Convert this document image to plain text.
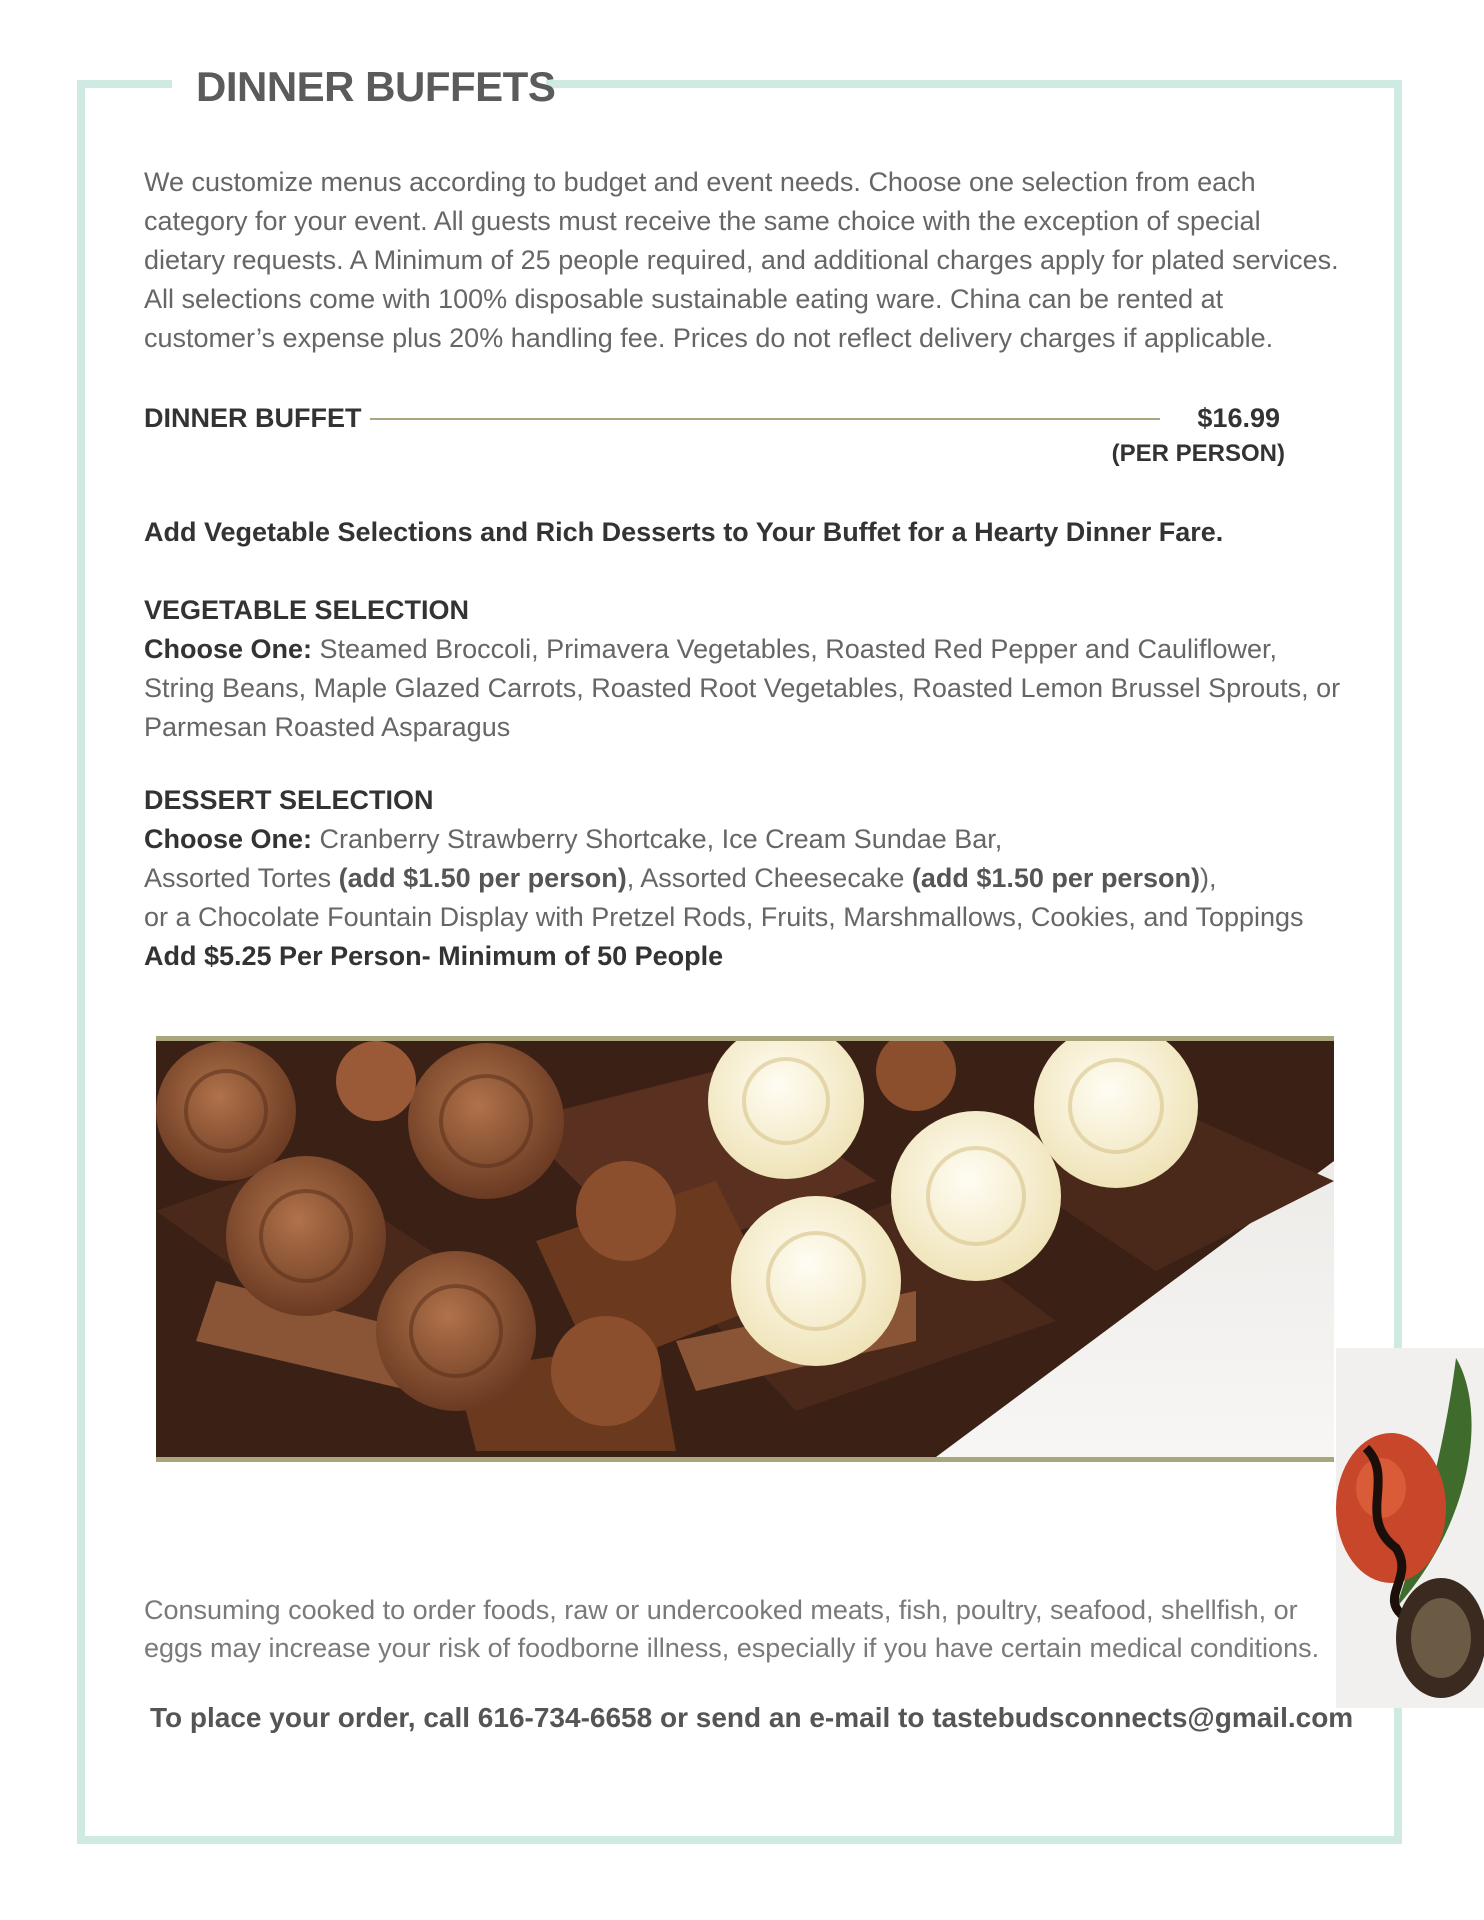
DINNER BUFFETS
We customize menus according to budget and event needs. Choose one selection from each category for your event. All guests must receive the same choice with the exception of special dietary requests. A Minimum of 25 people required, and additional charges apply for plated services. All selections come with 100% disposable sustainable eating ware. China can be rented at customer’s expense plus 20% handling fee. Prices do not reflect delivery charges if applicable.
DINNER BUFFET	$16.99
(PER PERSON)
Add Vegetable Selections and Rich Desserts to Your Buffet for a Hearty Dinner Fare.
VEGETABLE SELECTION
Choose One: Steamed Broccoli, Primavera Vegetables, Roasted Red Pepper and Cauliflower, String Beans, Maple Glazed Carrots, Roasted Root Vegetables, Roasted Lemon Brussel Sprouts, or Parmesan Roasted Asparagus
DESSERT SELECTION
Choose One: Cranberry Strawberry Shortcake, Ice Cream Sundae Bar,
Assorted Tortes (add $1.50 per person), Assorted Cheesecake (add $1.50 per person)),
or a Chocolate Fountain Display with Pretzel Rods, Fruits, Marshmallows, Cookies, and Toppings
Add $5.25 Per Person- Minimum of 50 People
Consuming cooked to order foods, raw or undercooked meats, fish, poultry, seafood, shellfish, or eggs may increase your risk of foodborne illness, especially if you have certain medical conditions.
To place your order, call 616-734-6658 or send an e-mail to tastebudsconnects@gmail.com
